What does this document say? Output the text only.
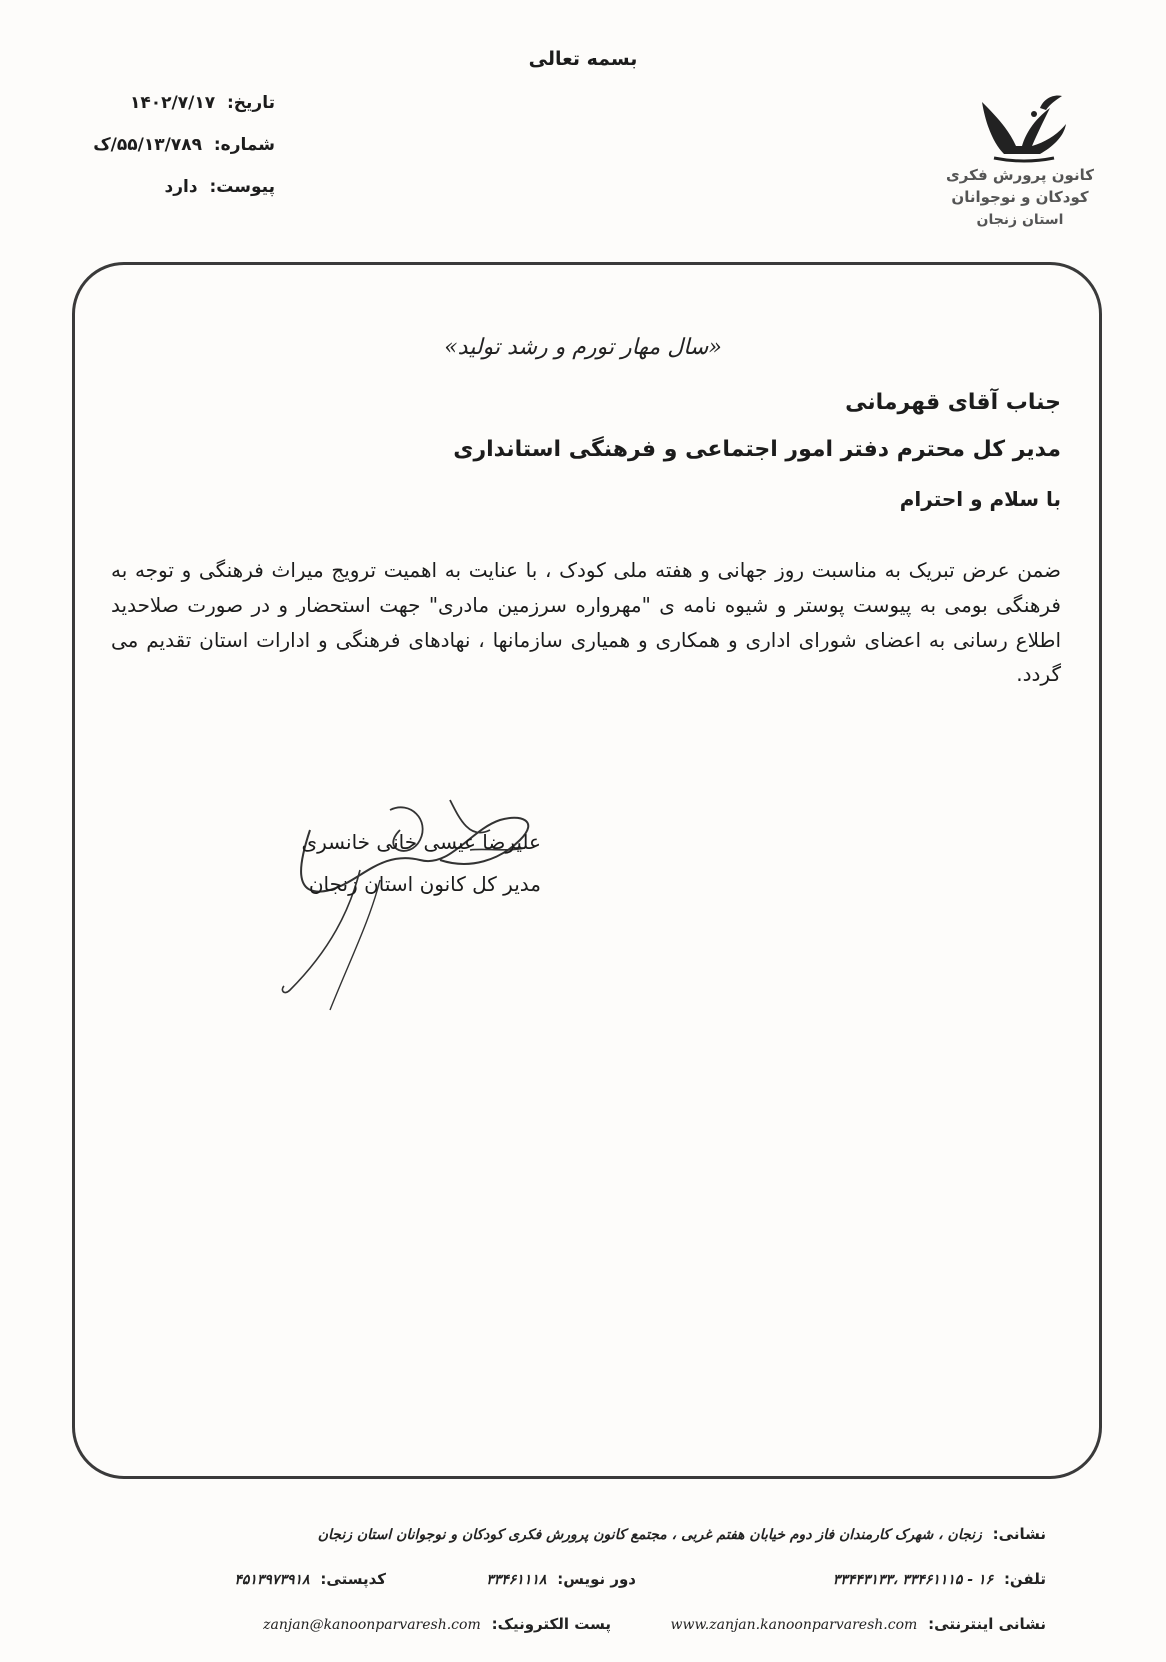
بسمه تعالی
تاریخ: ۱۴۰۲/۷/۱۷
شماره: ۵۵/۱۳/۷۸۹/ک
پیوست: دارد
کانون پرورش فکری
کودکان و نوجوانان
استان زنجان
«سال مهار تورم و رشد تولید»
جناب آقای قهرمانی
مدیر کل محترم دفتر امور اجتماعی و فرهنگی استانداری
با سلام و احترام
ضمن عرض تبریک به مناسبت روز جهانی و هفته ملی کودک ، با عنایت به اهمیت ترویج میراث فرهنگی و توجه به فرهنگی بومی به پیوست پوستر و شیوه نامه ی "مهرواره سرزمین مادری" جهت استحضار و در صورت صلاحدید اطلاع رسانی به اعضای شورای اداری و همکاری و همیاری سازمانها ، نهادهای فرهنگی و ادارات استان تقدیم می گردد.
علیرضا عیسی خانی خانسری
مدیر کل کانون استان زنجان
نشانی: زنجان ، شهرک کارمندان فاز دوم خیابان هفتم غربی ، مجتمع کانون پرورش فکری کودکان و نوجوانان استان زنجان
تلفن: ۱۶ - ۳۳۴۶۱۱۱۵ ،۳۳۴۴۳۱۳۳
دور نویس: ۳۳۴۶۱۱۱۸
کدپستی: ۴۵۱۳۹۷۳۹۱۸
نشانی اینترنتی: www.zanjan.kanoonparvaresh.com
پست الکترونیک: zanjan@kanoonparvaresh.com
